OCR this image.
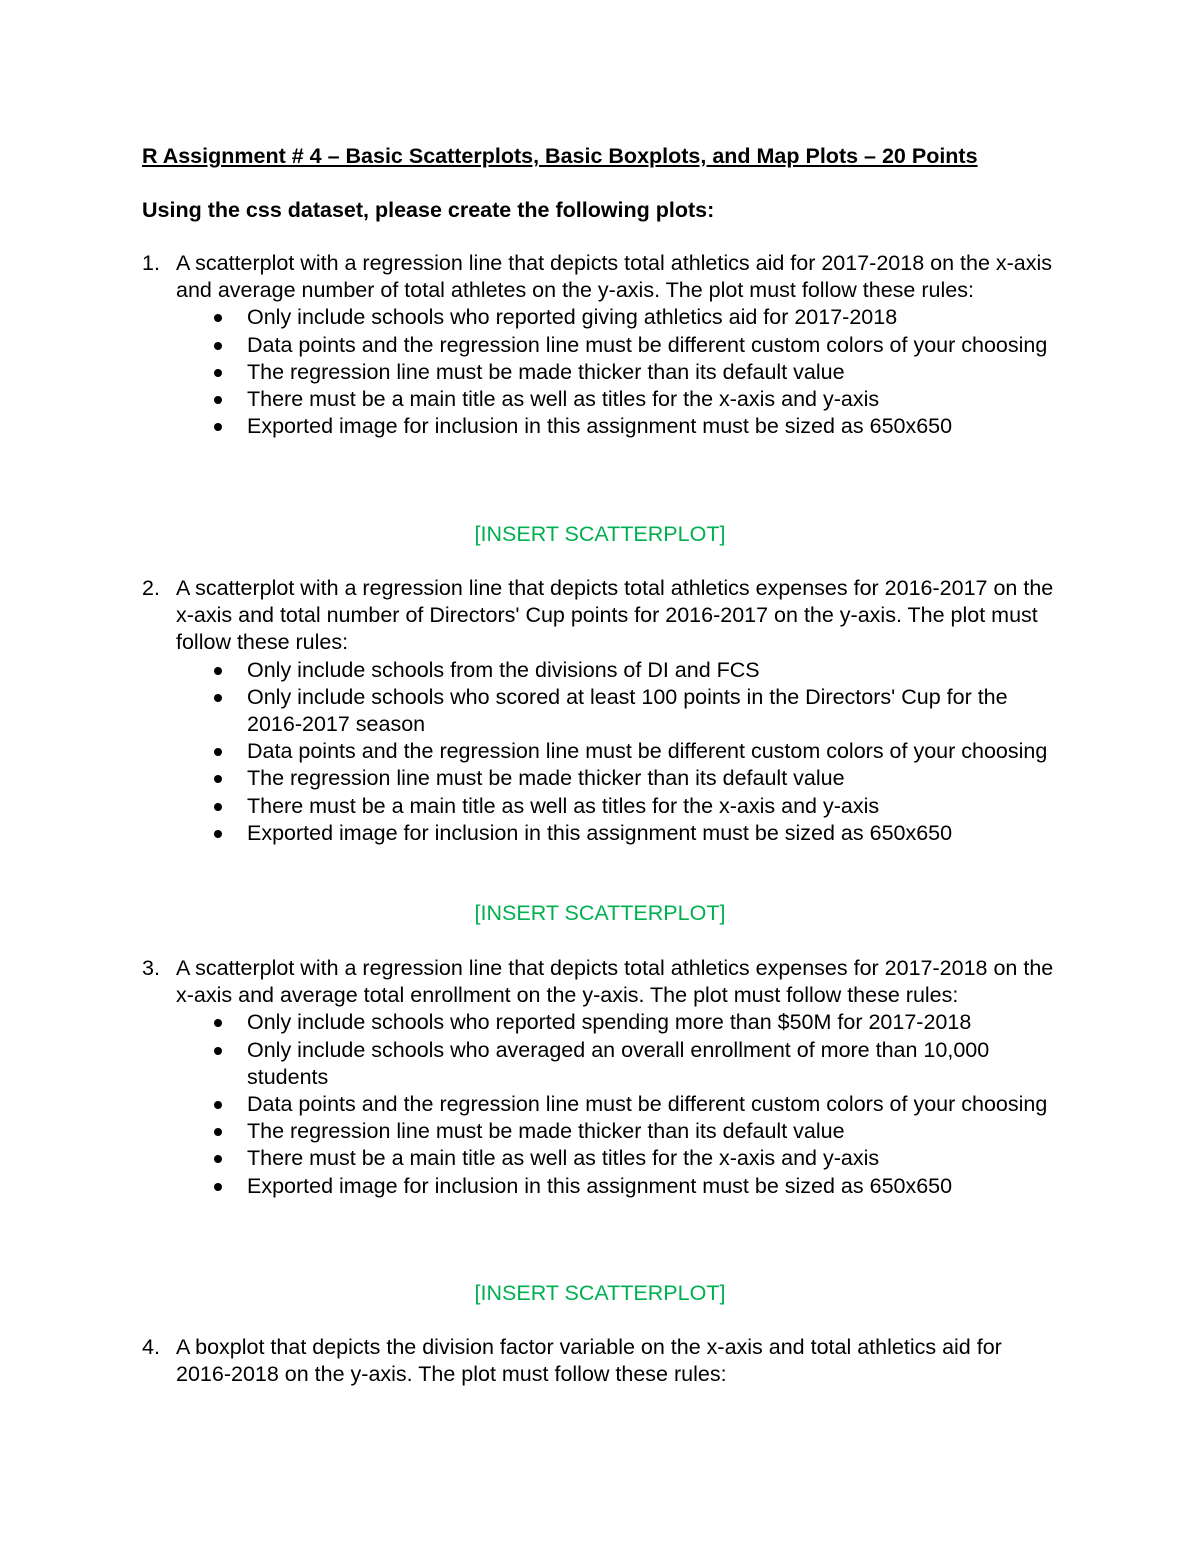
R Assignment # 4 – Basic Scatterplots, Basic Boxplots, and Map Plots – 20 Points
Using the css dataset, please create the following plots:
1. A scatterplot with a regression line that depicts total athletics aid for 2017-2018 on the x-axis and average number of total athletes on the y-axis. The plot must follow these rules:
Only include schools who reported giving athletics aid for 2017-2018
Data points and the regression line must be different custom colors of your choosing
The regression line must be made thicker than its default value
There must be a main title as well as titles for the x-axis and y-axis
Exported image for inclusion in this assignment must be sized as 650x650
[INSERT SCATTERPLOT]
2. A scatterplot with a regression line that depicts total athletics expenses for 2016-2017 on the x-axis and total number of Directors' Cup points for 2016-2017 on the y-axis. The plot must follow these rules:
Only include schools from the divisions of DI and FCS
Only include schools who scored at least 100 points in the Directors' Cup for the 2016-2017 season
Data points and the regression line must be different custom colors of your choosing
The regression line must be made thicker than its default value
There must be a main title as well as titles for the x-axis and y-axis
Exported image for inclusion in this assignment must be sized as 650x650
[INSERT SCATTERPLOT]
3. A scatterplot with a regression line that depicts total athletics expenses for 2017-2018 on the x-axis and average total enrollment on the y-axis. The plot must follow these rules:
Only include schools who reported spending more than $50M for 2017-2018
Only include schools who averaged an overall enrollment of more than 10,000 students
Data points and the regression line must be different custom colors of your choosing
The regression line must be made thicker than its default value
There must be a main title as well as titles for the x-axis and y-axis
Exported image for inclusion in this assignment must be sized as 650x650
[INSERT SCATTERPLOT]
4. A boxplot that depicts the division factor variable on the x-axis and total athletics aid for 2016-2018 on the y-axis. The plot must follow these rules:
